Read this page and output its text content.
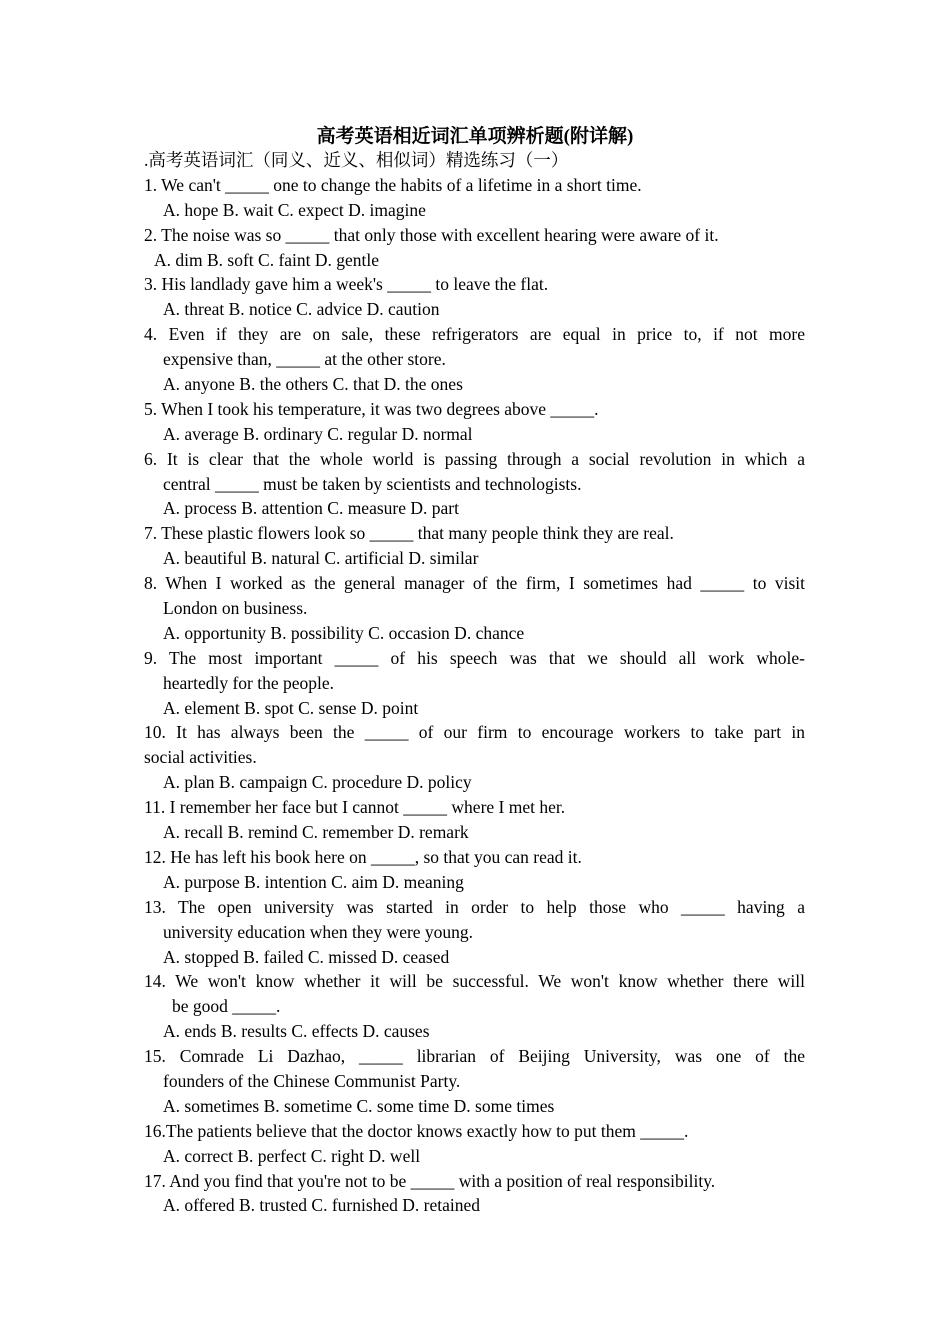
高考英语相近词汇单项辨析题(附详解)
.高考英语词汇（同义、近义、相似词）精选练习（一）
1. We can't _____ one to change the habits of a lifetime in a short time.
A. hope B. wait C. expect D. imagine
2. The noise was so _____ that only those with excellent hearing were aware of it.
A. dim B. soft C. faint D. gentle
3. His landlady gave him a week's _____ to leave the flat.
A. threat B. notice C. advice D. caution
4. Even if they are on sale, these refrigerators are equal in price to, if not more
expensive than, _____ at the other store.
A. anyone B. the others C. that D. the ones
5. When I took his temperature, it was two degrees above _____.
A. average B. ordinary C. regular D. normal
6. It is clear that the whole world is passing through a social revolution in which a
central _____ must be taken by scientists and technologists.
A. process B. attention C. measure D. part
7. These plastic flowers look so _____ that many people think they are real.
A. beautiful B. natural C. artificial D. similar
8. When I worked as the general manager of the firm, I sometimes had _____ to visit
London on business.
A. opportunity B. possibility C. occasion D. chance
9. The most important _____ of his speech was that we should all work whole-
heartedly for the people.
A. element B. spot C. sense D. point
10. It has always been the _____ of our firm to encourage workers to take part in
social activities.
A. plan B. campaign C. procedure D. policy
11. I remember her face but I cannot _____ where I met her.
A. recall B. remind C. remember D. remark
12. He has left his book here on _____, so that you can read it.
A. purpose B. intention C. aim D. meaning
13. The open university was started in order to help those who _____ having a
university education when they were young.
A. stopped B. failed C. missed D. ceased
14. We won't know whether it will be successful. We won't know whether there will
be good _____.
A. ends B. results C. effects D. causes
15. Comrade Li Dazhao, _____ librarian of Beijing University, was one of the
founders of the Chinese Communist Party.
A. sometimes B. sometime C. some time D. some times
16.The patients believe that the doctor knows exactly how to put them _____.
A. correct B. perfect C. right D. well
17. And you find that you're not to be _____ with a position of real responsibility.
A. offered B. trusted C. furnished D. retained
